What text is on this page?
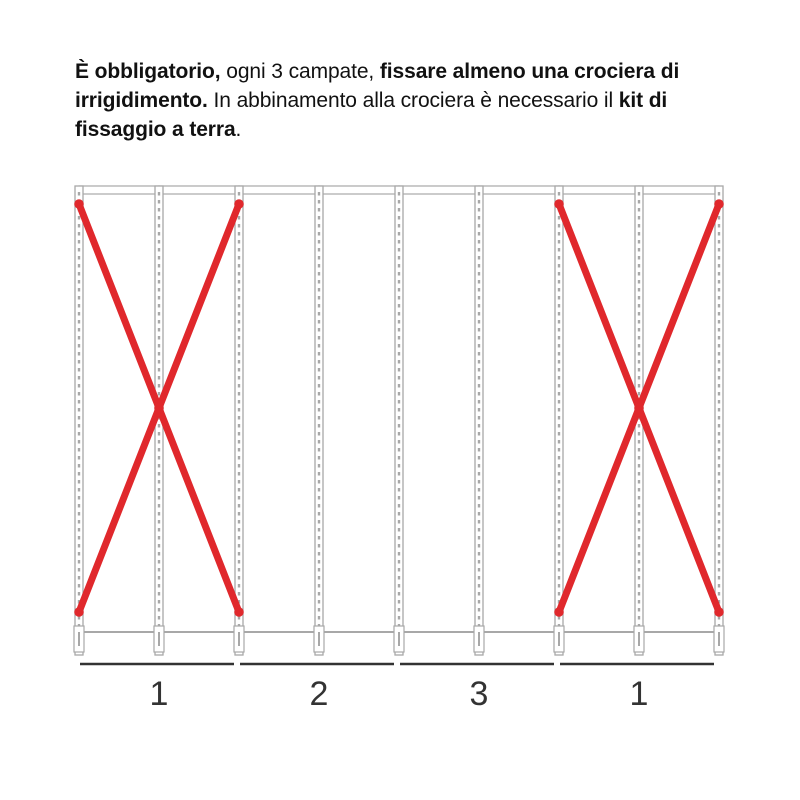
È obbligatorio, ogni 3 campate, fissare almeno una crociera di irrigidimento. In abbinamento alla crociera è necessario il kit di fissaggio a terra.
1	2	3	1
